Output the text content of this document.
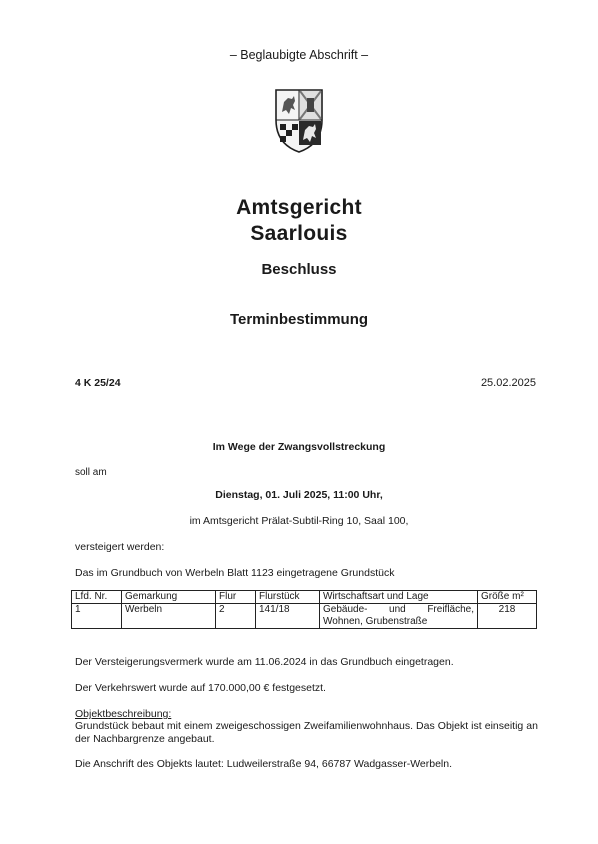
– Beglaubigte Abschrift –
Amtsgericht
Saarlouis
Beschluss
Terminbestimmung
4 K 25/24	25.02.2025
Im Wege der Zwangsvollstreckung
soll am
Dienstag, 01. Juli 2025, 11:00 Uhr,
im Amtsgericht Prälat-Subtil-Ring 10, Saal 100,
versteigert werden:
Das im Grundbuch von Werbeln Blatt 1123 eingetragene Grundstück
Lfd. Nr.	Gemarkung	Flur	Flurstück	Wirtschaftsart und Lage	Größe m²
1	Werbeln	2	141/18	Gebäude- und Freifläche,
Wohnen, Grubenstraße	218
Der Versteigerungsvermerk wurde am 11.06.2024 in das Grundbuch eingetragen.
Der Verkehrswert wurde auf 170.000,00 € festgesetzt.
Objektbeschreibung:
Grundstück bebaut mit einem zweigeschossigen Zweifamilienwohnhaus. Das Objekt ist einseitig an der Nachbargrenze angebaut.
Die Anschrift des Objekts lautet: Ludweilerstraße 94, 66787 Wadgasser-Werbeln.
